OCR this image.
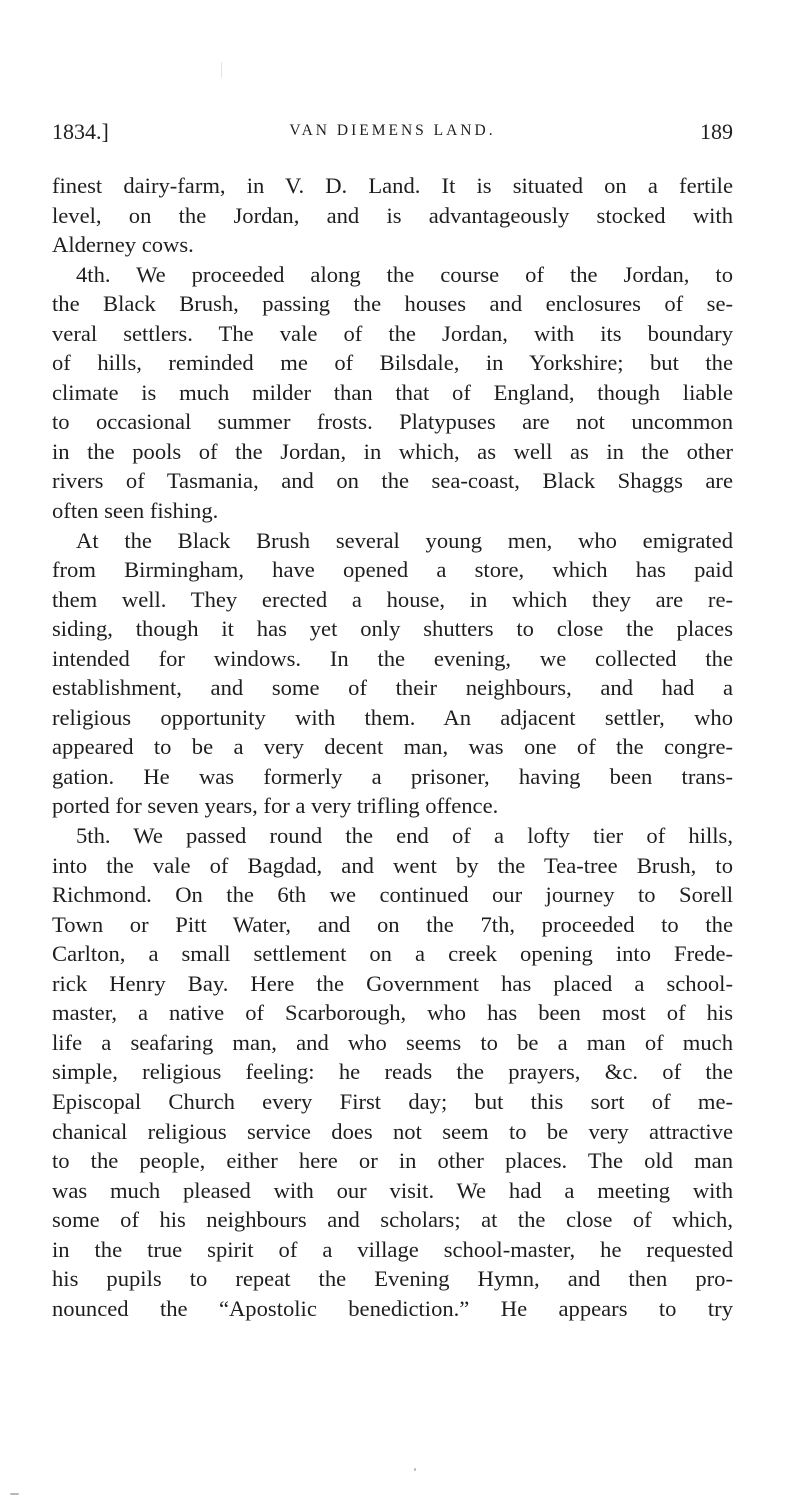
1834.]	VAN DIEMENS LAND.	189
finest dairy-farm, in V. D. Land. It is situated on a fertile
level, on the Jordan, and is advantageously stocked with
Alderney cows.
4th. We proceeded along the course of the Jordan, to
the Black Brush, passing the houses and enclosures of se-
veral settlers. The vale of the Jordan, with its boundary
of hills, reminded me of Bilsdale, in Yorkshire; but the
climate is much milder than that of England, though liable
to occasional summer frosts. Platypuses are not uncommon
in the pools of the Jordan, in which, as well as in the other
rivers of Tasmania, and on the sea-coast, Black Shaggs are
often seen fishing.
At the Black Brush several young men, who emigrated
from Birmingham, have opened a store, which has paid
them well. They erected a house, in which they are re-
siding, though it has yet only shutters to close the places
intended for windows. In the evening, we collected the
establishment, and some of their neighbours, and had a
religious opportunity with them. An adjacent settler, who
appeared to be a very decent man, was one of the congre-
gation. He was formerly a prisoner, having been trans-
ported for seven years, for a very trifling offence.
5th. We passed round the end of a lofty tier of hills,
into the vale of Bagdad, and went by the Tea-tree Brush, to
Richmond. On the 6th we continued our journey to Sorell
Town or Pitt Water, and on the 7th, proceeded to the
Carlton, a small settlement on a creek opening into Frede-
rick Henry Bay. Here the Government has placed a school-
master, a native of Scarborough, who has been most of his
life a seafaring man, and who seems to be a man of much
simple, religious feeling: he reads the prayers, &c. of the
Episcopal Church every First day; but this sort of me-
chanical religious service does not seem to be very attractive
to the people, either here or in other places. The old man
was much pleased with our visit. We had a meeting with
some of his neighbours and scholars; at the close of which,
in the true spirit of a village school-master, he requested
his pupils to repeat the Evening Hymn, and then pro-
nounced the “Apostolic benediction.” He appears to try
